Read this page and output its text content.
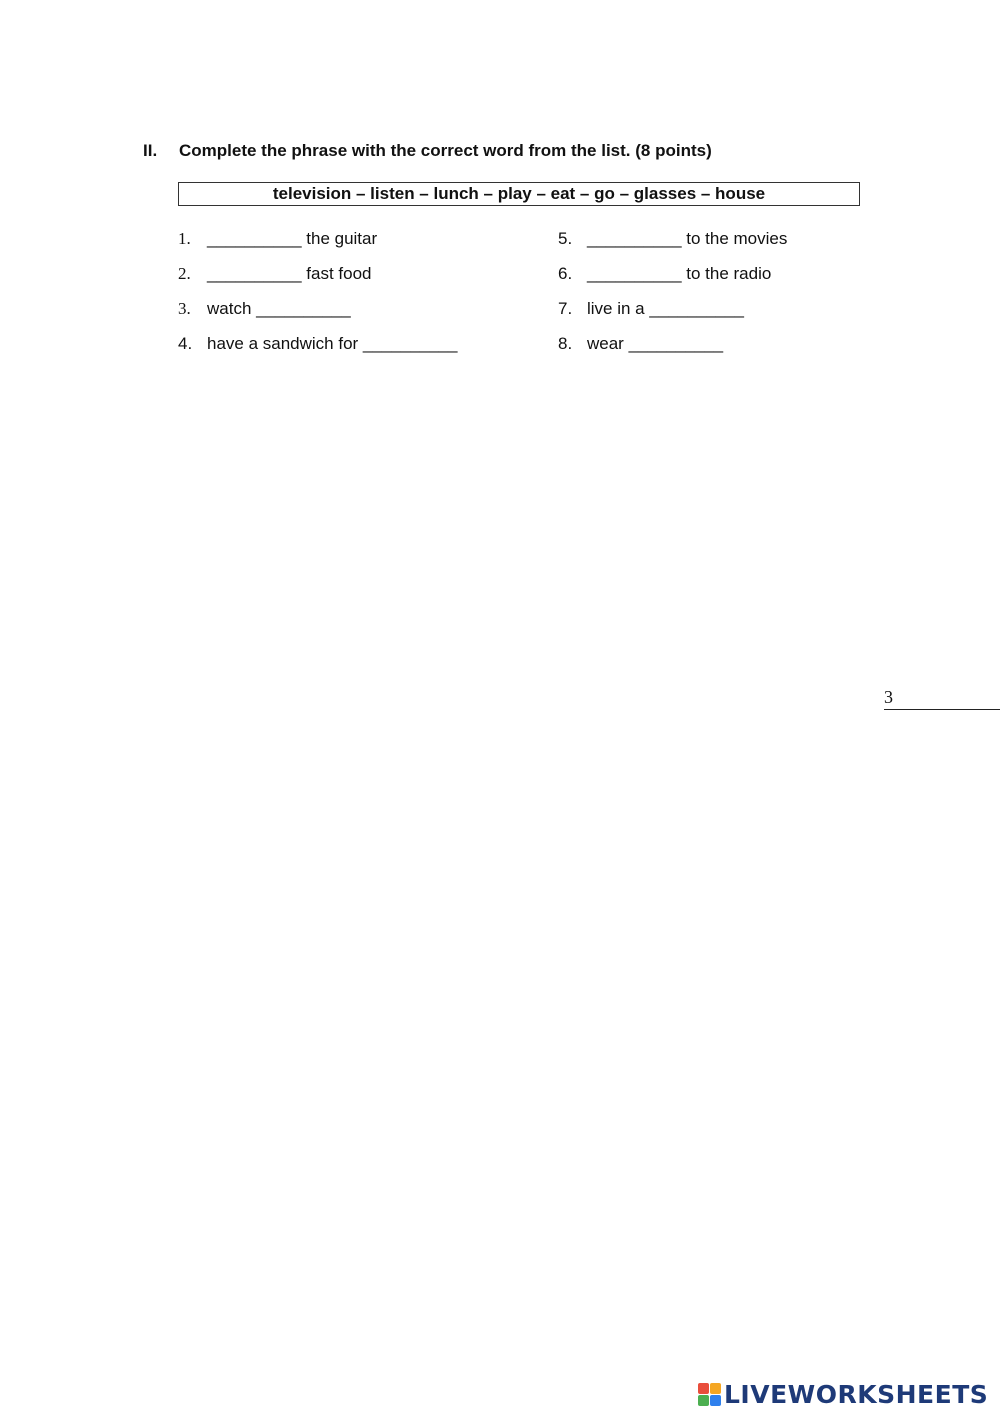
II. Complete the phrase with the correct word from the list. (8 points)
television – listen – lunch – play – eat – go – glasses – house
1. __________ the guitar
2. __________ fast food
3. watch __________
4. have a sandwich for __________
5. __________ to the movies
6. __________ to the radio
7. live in a __________
8. wear __________
3
LIVEWORKSHEETS
